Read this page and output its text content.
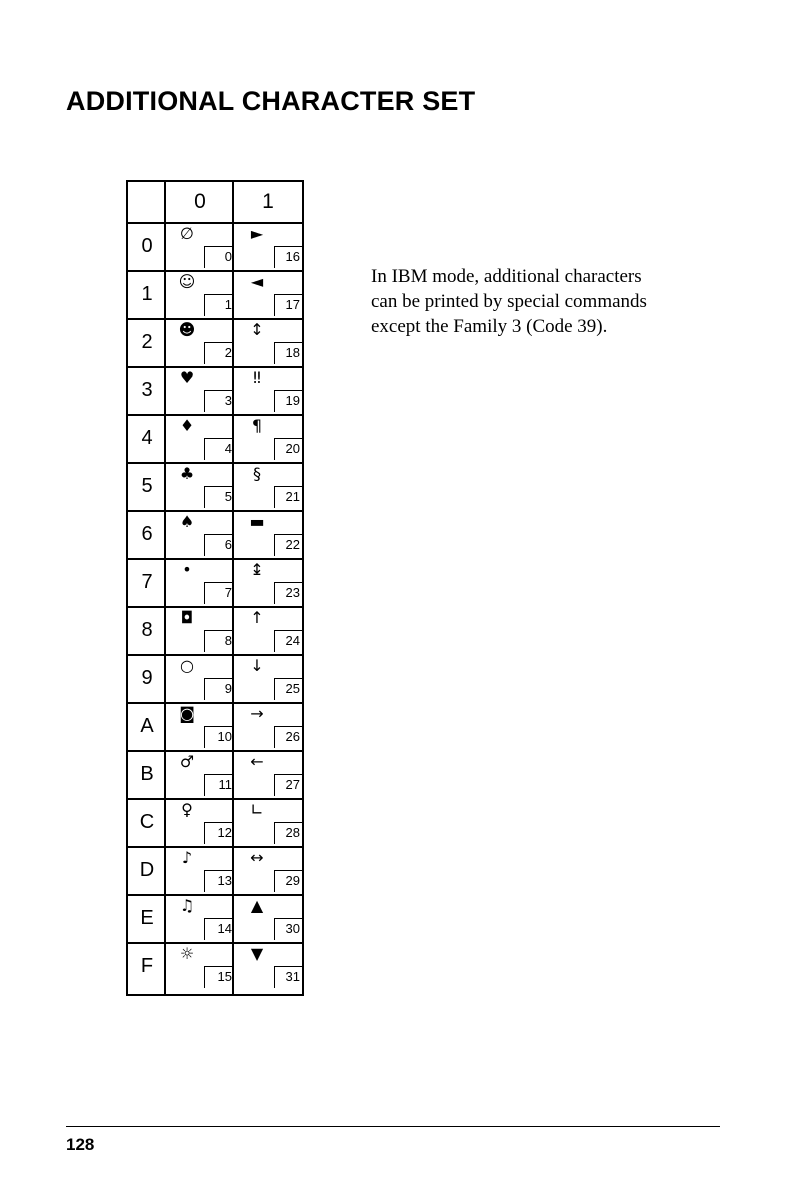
ADDITIONAL CHARACTER SET
0	1
0
∅
0
►
16
1
☺
1
◄
17
2
☻
2
↕
18
3
♥
3
‼
19
4
♦
4
¶
20
5
♣
5
§
21
6
♠
6
▬
22
7
•
7
↨
23
8
◘
8
↑
24
9
○
9
↓
25
A
◙
10
→
26
B
♂
11
←
27
C
♀
12
∟
28
D
♪
13
↔
29
E
♫
14
▲
30
F
☼
15
▼
31
In IBM mode, additional characters
can be printed by special commands
except the Family 3 (Code 39).
128
